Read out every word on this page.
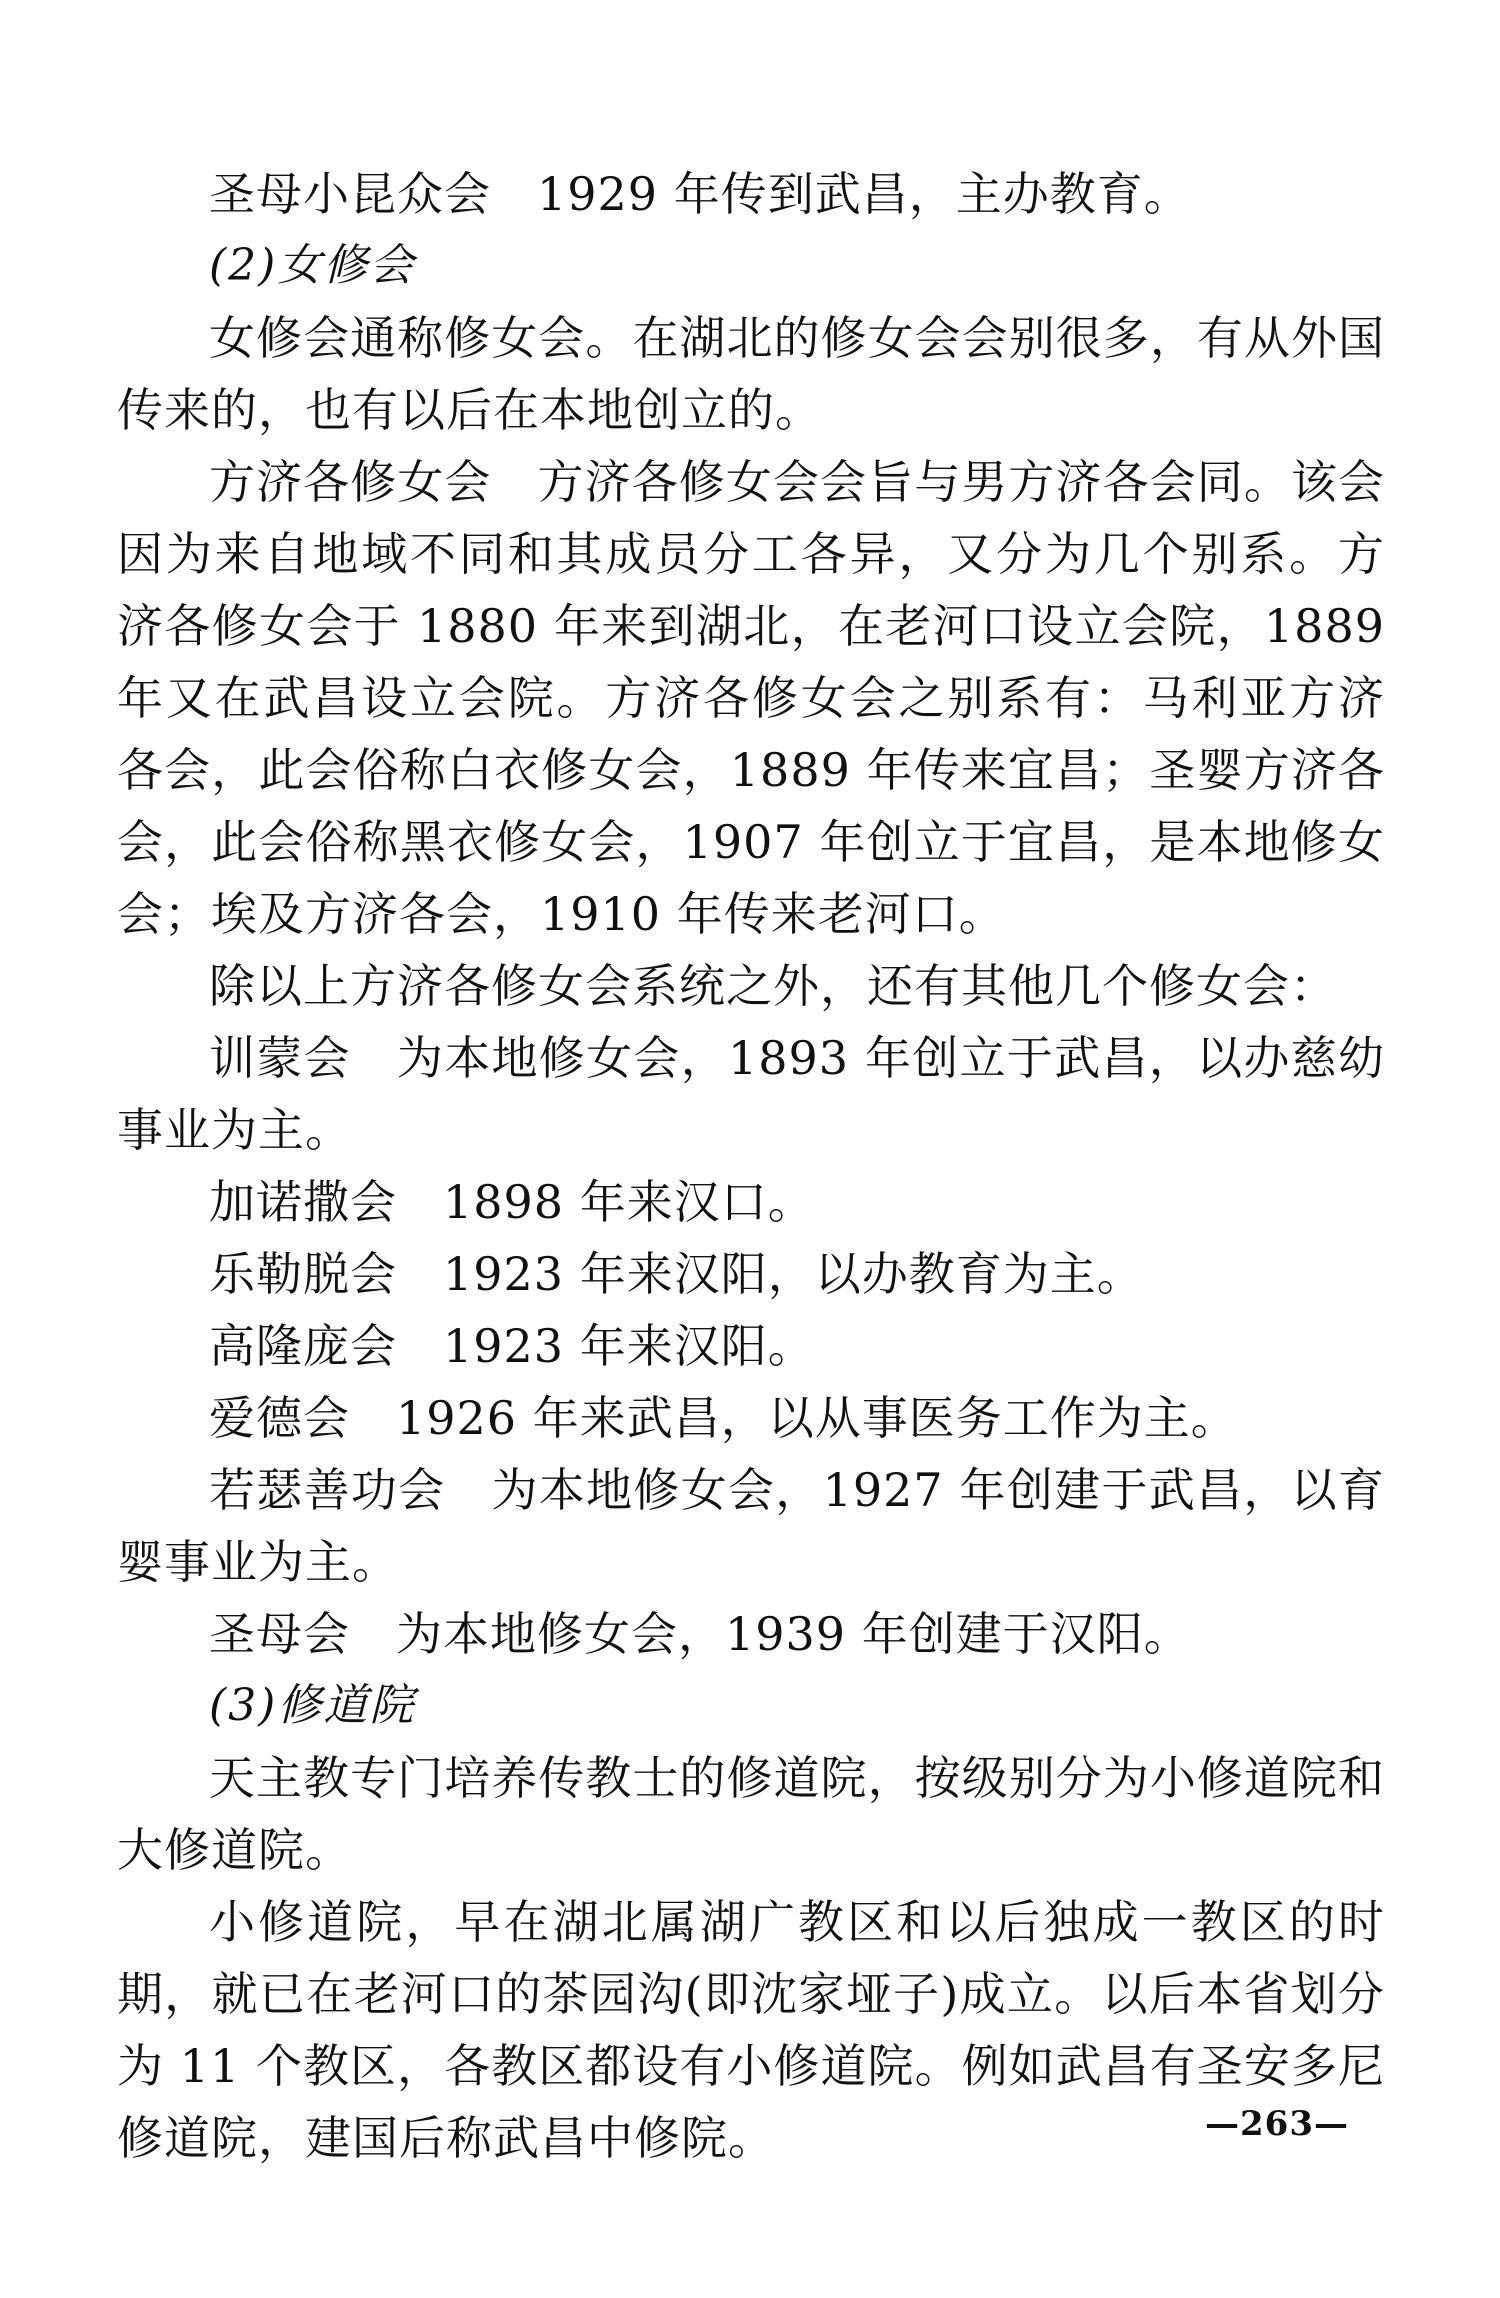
圣母小昆众会 1929 年传到武昌，主办教育。

(2)女修会

女修会通称修女会。在湖北的修女会会别很多，有从外国传来的，也有以后在本地创立的。

方济各修女会 方济各修女会会旨与男方济各会同。该会因为来自地域不同和其成员分工各异，又分为几个别系。方济各修女会于 1880 年来到湖北，在老河口设立会院，1889 年又在武昌设立会院。方济各修女会之别系有：马利亚方济各会，此会俗称白衣修女会，1889 年传来宜昌；圣婴方济各会，此会俗称黑衣修女会，1907 年创立于宜昌，是本地修女会；埃及方济各会，1910 年传来老河口。

除以上方济各修女会系统之外，还有其他几个修女会：

训蒙会 为本地修女会，1893 年创立于武昌，以办慈幼事业为主。

加诺撒会 1898 年来汉口。

乐勒脱会 1923 年来汉阳，以办教育为主。

高隆庞会 1923 年来汉阳。

爱德会 1926 年来武昌，以从事医务工作为主。

若瑟善功会 为本地修女会，1927 年创建于武昌，以育婴事业为主。

圣母会 为本地修女会，1939 年创建于汉阳。

(3)修道院

天主教专门培养传教士的修道院，按级别分为小修道院和大修道院。

小修道院，早在湖北属湖广教区和以后独成一教区的时期，就已在老河口的茶园沟(即沈家垭子)成立。以后本省划分为 11 个教区，各教区都设有小修道院。例如武昌有圣安多尼修道院，建国后称武昌中修院。	—263—
